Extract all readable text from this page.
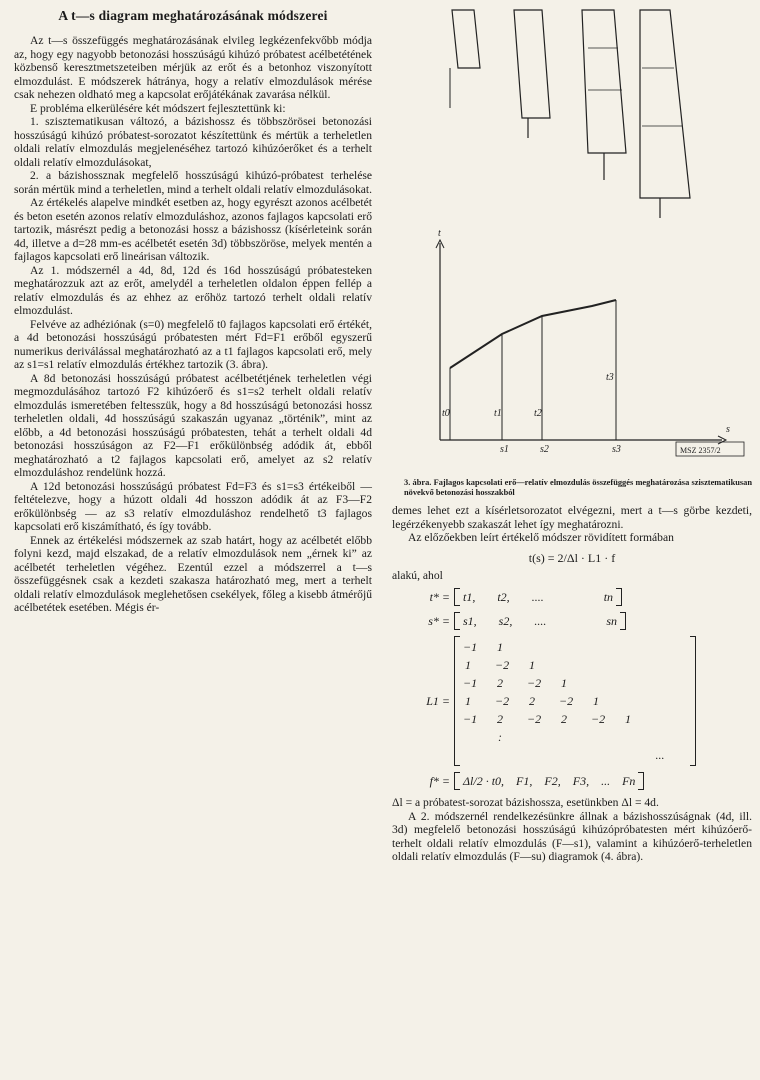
A t—s diagram meghatározásának módszerei

Az t—s összefüggés meghatározásának elvileg legkézenfekvőbb módja az, hogy egy nagyobb betonozási hosszúságú kihúzó próbatest acélbetétének közbenső keresztmetszeteiben mérjük az erőt és a betonhoz viszonyított elmozdulást. E módszerek hátránya, hogy a relatív elmozdulások mérése csak nehezen oldható meg a kapcsolat erőjátékának zavarása nélkül.

E probléma elkerülésére két módszert fejlesztettünk ki:

1. szisztematikusan változó, a bázishossz és többszörösei betonozási hosszúságú kihúzó próbatest-sorozatot készítettünk és mértük a terheletlen oldali relatív elmozdulás megjelenéséhez tartozó kihúzóerőket és a terhelt oldali relatív elmozdulásokat,

2. a bázishossznak megfelelő hosszúságú kihúzó-próbatest terhelése során mértük mind a terheletlen, mind a terhelt oldali relatív elmozdulásokat.

Az értékelés alapelve mindkét esetben az, hogy egyrészt azonos acélbetét és beton esetén azonos relatív elmozduláshoz, azonos fajlagos kapcsolati erő tartozik, másrészt pedig a betonozási hossz a bázishossz (kísérleteink során 4d, illetve a d=28 mm-es acélbetét esetén 3d) többszöröse, melyek mentén a fajlagos kapcsolati erő lineárisan változik.

Az 1. módszernél a 4d, 8d, 12d és 16d hosszúságú próbatesteken meghatározzuk azt az erőt, amelydél a terheletlen oldalon éppen fellép a relatív elmozdulás és az ehhez az erőhöz tartozó terhelt oldali relatív elmozdulást.

Felvéve az adhéziónak (s=0) megfelelő t0 fajlagos kapcsolati erő értékét, a 4d betonozási hosszúságú próbatesten mért Fd=F1 erőből egyszerű numerikus deriválással meghatározható az a t1 fajlagos kapcsolati erő, mely az s1=s1 relatív elmozdulás értékhez tartozik (3. ábra).

A 8d betonozási hosszúságú próbatest acélbetétjének terheletlen végi megmozdulásához tartozó F2 kihúzóerő és s1=s2 terhelt oldali relatív elmozdulás ismeretében feltesszük, hogy a 8d hosszúságú betonozási hossz terheletlen oldali, 4d hosszúságú szakaszán ugyanaz „történik”, mint az előbb, a 4d betonozási hosszúságú próbatesten, tehát a terhelt oldali 4d betonozási hosszúságon az F2—F1 erőkülönbség adódik át, ebből meghatározható a t2 fajlagos kapcsolati erő, amelyet az s2 relatív elmozduláshoz rendelünk hozzá.

A 12d betonozási hosszúságú próbatest Fd=F3 és s1=s3 értékeiből — feltételezve, hogy a húzott oldali 4d hosszon adódik át az F3—F2 erőkülönbség — az s3 relatív elmozduláshoz rendelhető t3 fajlagos kapcsolati erő kiszámítható, és így tovább.

Ennek az értékelési módszernek az szab határt, hogy az acélbetét előbb folyni kezd, majd elszakad, de a relatív elmozdulások nem „érnek ki” az acélbetét terheletlen végéhez. Ezentúl ezzel a módszerrel a t—s összefüggésnek csak a kezdeti szakasza határozható meg, mert a terhelt oldali relatív elmozdulások meglehetősen csekélyek, főleg a kisebb átmérőjű acélbetétek esetében. Mégis ér-

t
s
t0	t1	t2
t3
s1	s2	s3	MSZ 2357/2

3. ábra. Fajlagos kapcsolati erő—relatív elmozdulás összefüggés meghatározása szisztematikusan növekvő betonozási hosszakból

demes lehet ezt a kísérletsorozatot elvégezni, mert a t—s görbe kezdeti, legérzékenyebb szakaszát lehet így meghatározni.

Az előzőekben leírt értékelő módszer rövidített formában

t(s) = 2/Δl · L1 · f

alakú, ahol

t* =	t1, t2, ....	tn
s* =	s1, s2, ....	sn
L1 =
−1 1
1 −2 1
−1 2 −2 1
1 −2 2 −2 1
−1 2 −2 2 −2 1
:
...
f* =	Δl/2 · t0, F1, F2, F3, ... Fn

Δl = a próbatest-sorozat bázishossza, esetünkben Δl = 4d.

A 2. módszernél rendelkezésünkre állnak a bázishosszúságnak (4d, ill. 3d) megfelelő betonozási hosszúságú kihúzópróbatesten mért kihúzóerő-terhelt oldali relatív elmozdulás (F—s1), valamint a kihúzóerő-terheletlen oldali relatív elmozdulás (F—su) diagramok (4. ábra).
